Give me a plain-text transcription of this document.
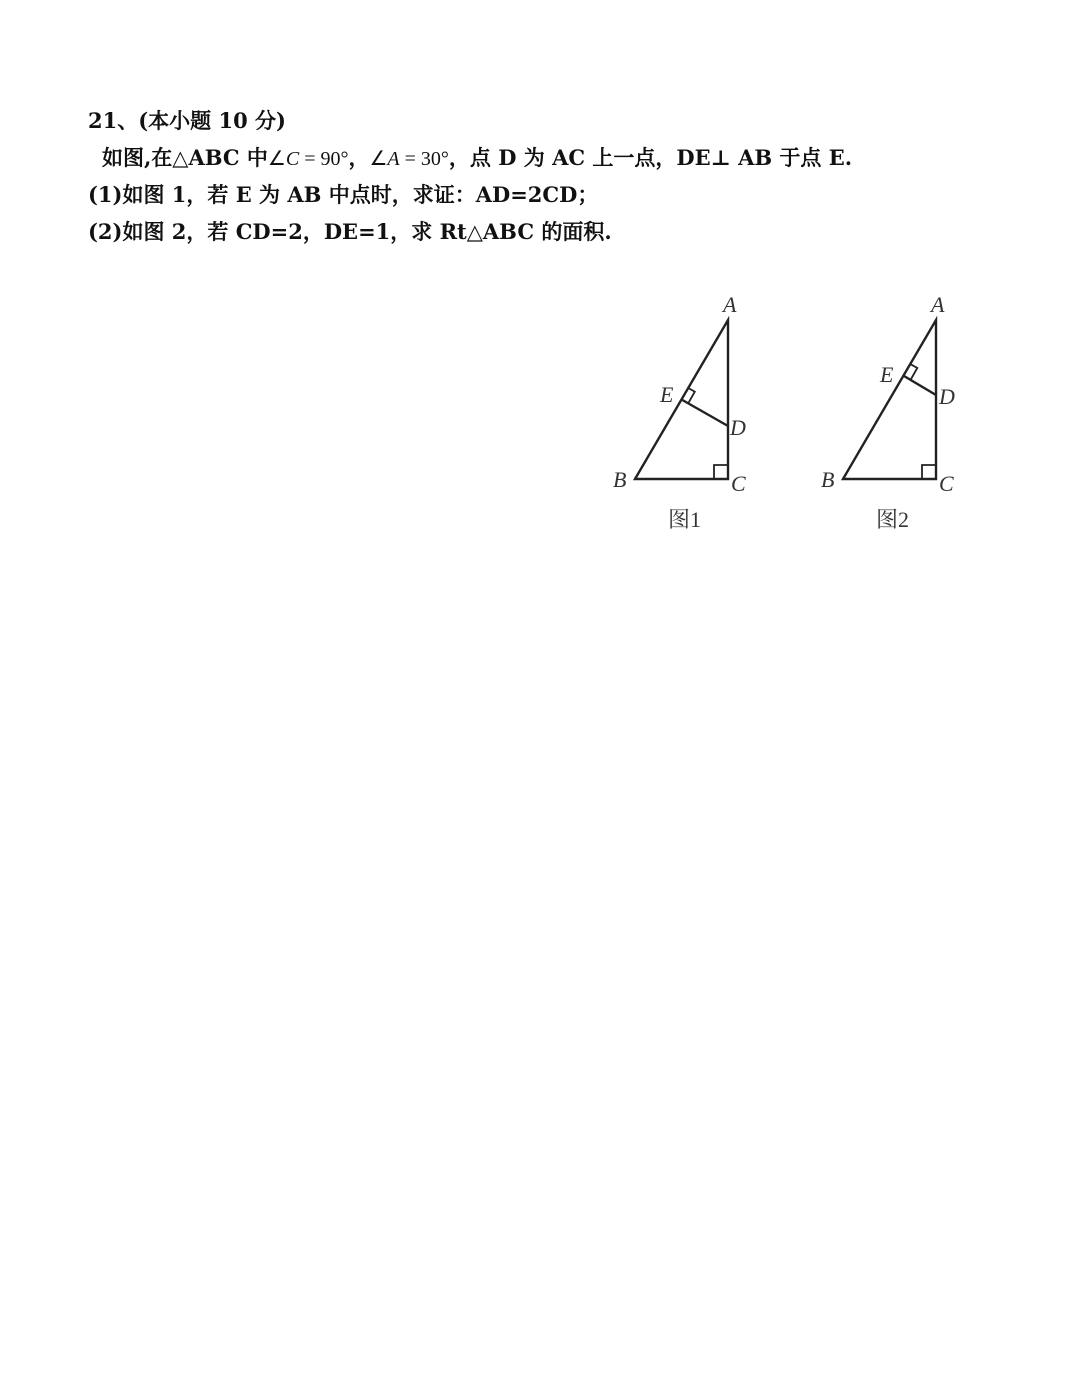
21、(本小题 10 分)
如图,在△ABC 中∠C = 90°，∠A = 30°，点 D 为 AC 上一点，DE⊥ AB 于点 E.
(1)如图 1，若 E 为 AB 中点时，求证：AD=2CD；
(2)如图 2，若 CD=2，DE=1，求 Rt△ABC 的面积.
A
E
D
B	C
图1
A
E
D
B	C
图2
